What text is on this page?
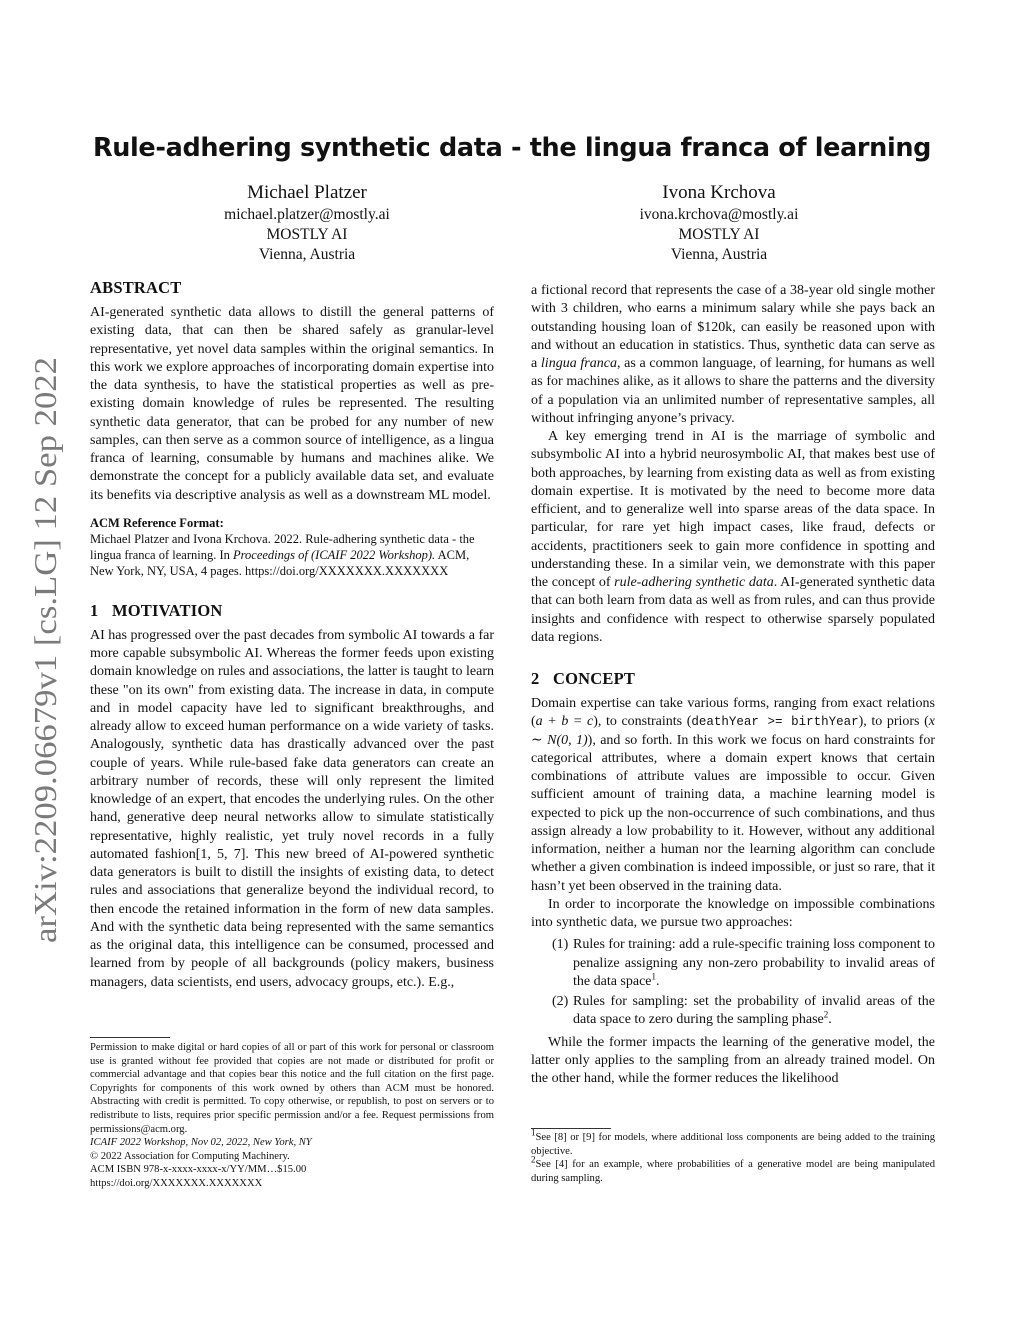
arXiv:2209.06679v1 [cs.LG] 12 Sep 2022
Rule-adhering synthetic data - the lingua franca of learning
Michael Platzer
michael.platzer@mostly.ai
MOSTLY AI
Vienna, Austria
Ivona Krchova
ivona.krchova@mostly.ai
MOSTLY AI
Vienna, Austria
ABSTRACT

AI-generated synthetic data allows to distill the general patterns of existing data, that can then be shared safely as granular-level representative, yet novel data samples within the original semantics. In this work we explore approaches of incorporating domain expertise into the data synthesis, to have the statistical properties as well as pre-existing domain knowledge of rules be represented. The resulting synthetic data generator, that can be probed for any number of new samples, can then serve as a common source of intelligence, as a lingua franca of learning, consumable by humans and machines alike. We demonstrate the concept for a publicly available data set, and evaluate its benefits via descriptive analysis as well as a downstream ML model.

ACM Reference Format:
Michael Platzer and Ivona Krchova. 2022. Rule-adhering synthetic data - the lingua franca of learning. In Proceedings of (ICAIF 2022 Workshop). ACM, New York, NY, USA, 4 pages. https://doi.org/XXXXXXX.XXXXXXX
1 MOTIVATION

AI has progressed over the past decades from symbolic AI towards a far more capable subsymbolic AI. Whereas the former feeds upon existing domain knowledge on rules and associations, the latter is taught to learn these "on its own" from existing data. The increase in data, in compute and in model capacity have led to significant breakthroughs, and already allow to exceed human performance on a wide variety of tasks. Analogously, synthetic data has drastically advanced over the past couple of years. While rule-based fake data generators can create an arbitrary number of records, these will only represent the limited knowledge of an expert, that encodes the underlying rules. On the other hand, generative deep neural networks allow to simulate statistically representative, highly realistic, yet truly novel records in a fully automated fashion[1, 5, 7]. This new breed of AI-powered synthetic data generators is built to distill the insights of existing data, to detect rules and associations that generalize beyond the individual record, to then encode the retained information in the form of new data samples. And with the synthetic data being represented with the same semantics as the original data, this intelligence can be consumed, processed and learned from by people of all backgrounds (policy makers, business managers, data scientists, end users, advocacy groups, etc.). E.g.,

Permission to make digital or hard copies of all or part of this work for personal or classroom use is granted without fee provided that copies are not made or distributed for profit or commercial advantage and that copies bear this notice and the full citation on the first page. Copyrights for components of this work owned by others than ACM must be honored. Abstracting with credit is permitted. To copy otherwise, or republish, to post on servers or to redistribute to lists, requires prior specific permission and/or a fee. Request permissions from permissions@acm.org.
ICAIF 2022 Workshop, Nov 02, 2022, New York, NY
© 2022 Association for Computing Machinery.
ACM ISBN 978-x-xxxx-xxxx-x/YY/MM…$15.00
https://doi.org/XXXXXXX.XXXXXXX

a fictional record that represents the case of a 38-year old single mother with 3 children, who earns a minimum salary while she pays back an outstanding housing loan of $120k, can easily be reasoned upon with and without an education in statistics. Thus, synthetic data can serve as a lingua franca, as a common language, of learning, for humans as well as for machines alike, as it allows to share the patterns and the diversity of a population via an unlimited number of representative samples, all without infringing anyone’s privacy.

A key emerging trend in AI is the marriage of symbolic and subsymbolic AI into a hybrid neurosymbolic AI, that makes best use of both approaches, by learning from existing data as well as from existing domain expertise. It is motivated by the need to become more data efficient, and to generalize well into sparse areas of the data space. In particular, for rare yet high impact cases, like fraud, defects or accidents, practitioners seek to gain more confidence in spotting and understanding these. In a similar vein, we demonstrate with this paper the concept of rule-adhering synthetic data. AI-generated synthetic data that can both learn from data as well as from rules, and can thus provide insights and confidence with respect to otherwise sparsely populated data regions.

2 CONCEPT

Domain expertise can take various forms, ranging from exact relations (a + b = c), to constraints (deathYear >= birthYear), to priors (x ∼ N(0, 1)), and so forth. In this work we focus on hard constraints for categorical attributes, where a domain expert knows that certain combinations of attribute values are impossible to occur. Given sufficient amount of training data, a machine learning model is expected to pick up the non-occurrence of such combinations, and thus assign already a low probability to it. However, without any additional information, neither a human nor the learning algorithm can conclude whether a given combination is indeed impossible, or just so rare, that it hasn’t yet been observed in the training data.

In order to incorporate the knowledge on impossible combinations into synthetic data, we pursue two approaches:

(1) Rules for training: add a rule-specific training loss component to penalize assigning any non-zero probability to invalid areas of the data space$^1$.
(2) Rules for sampling: set the probability of invalid areas of the data space to zero during the sampling phase$^2$.

While the former impacts the learning of the generative model, the latter only applies to the sampling from an already trained model. On the other hand, while the former reduces the likelihood

$^1$See [8] or [9] for models, where additional loss components are being added to the training objective.
$^2$See [4] for an example, where probabilities of a generative model are being manipulated during sampling.
